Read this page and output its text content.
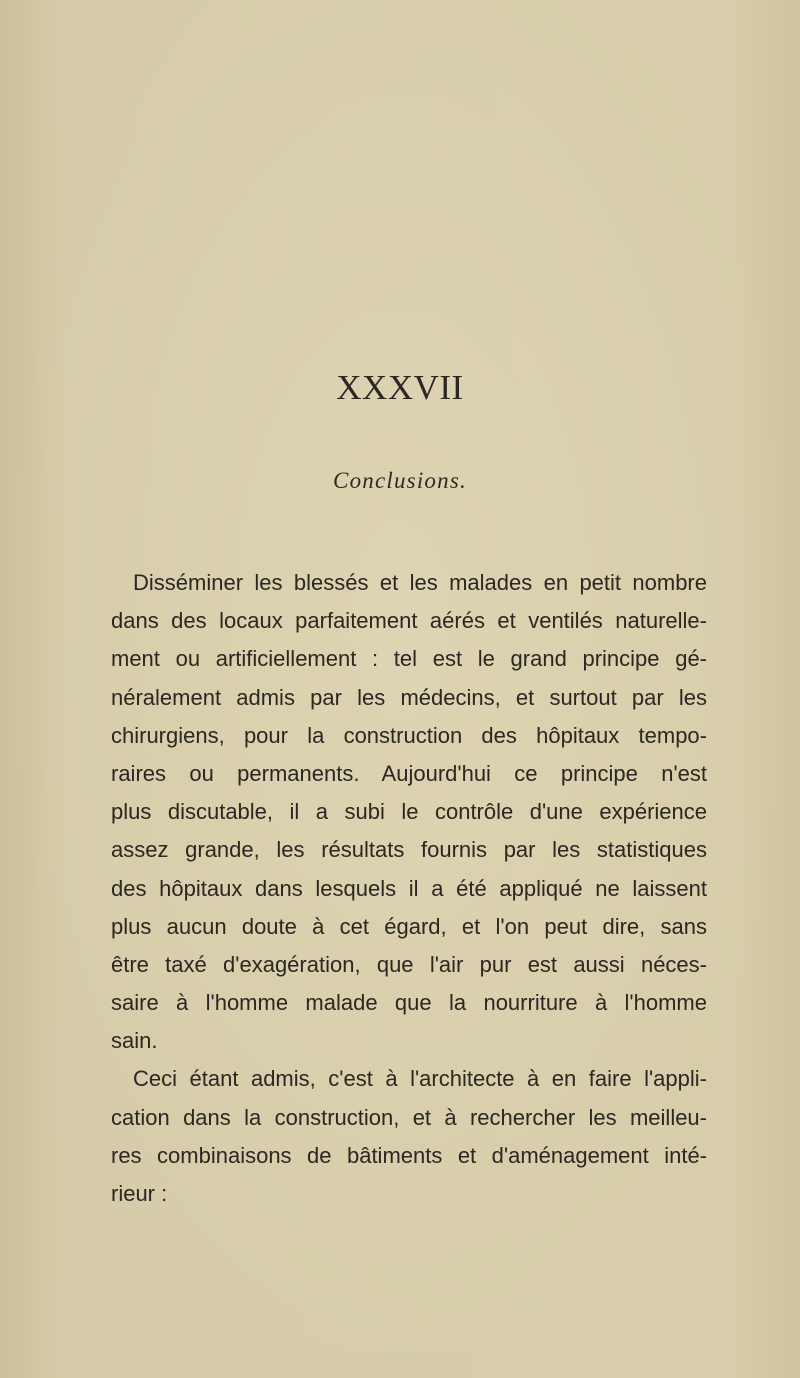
XXXVII
Conclusions.
Disséminer les blessés et les malades en petit nombre
dans des locaux parfaitement aérés et ventilés naturelle-
ment ou artificiellement : tel est le grand principe gé-
néralement admis par les médecins, et surtout par les
chirurgiens, pour la construction des hôpitaux tempo-
raires ou permanents. Aujourd'hui ce principe n'est
plus discutable, il a subi le contrôle d'une expérience
assez grande, les résultats fournis par les statistiques
des hôpitaux dans lesquels il a été appliqué ne laissent
plus aucun doute à cet égard, et l'on peut dire, sans
être taxé d'exagération, que l'air pur est aussi néces-
saire à l'homme malade que la nourriture à l'homme
sain.
Ceci étant admis, c'est à l'architecte à en faire l'appli-
cation dans la construction, et à rechercher les meilleu-
res combinaisons de bâtiments et d'aménagement inté-
rieur :
